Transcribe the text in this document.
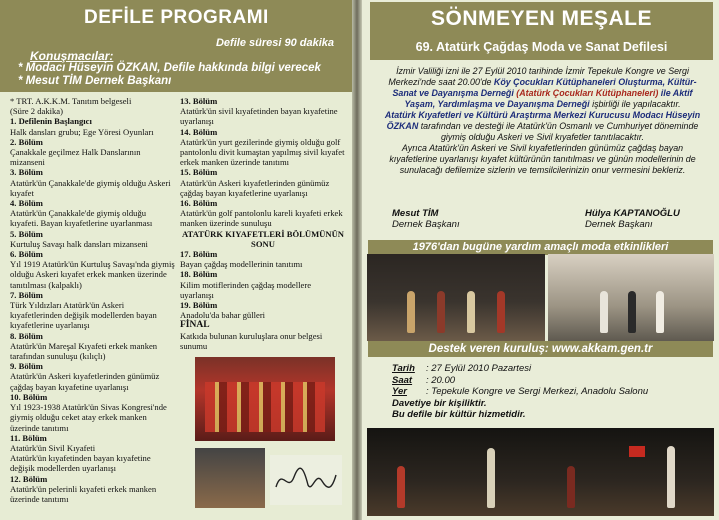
DEFİLE PROGRAMI
Defile süresi 90 dakika
Konuşmacılar:
* Modacı Hüseyin ÖZKAN, Defile hakkında bilgi verecek
* Mesut TİM Dernek Başkanı
* TRT. A.K.K.M. Tanıtım belgeseli
(Süre 2 dakika)
1. Defilenin Başlangıcı
Halk dansları grubu; Ege Yöresi Oyunları
2. Bölüm
Çanakkale geçilmez Halk Danslarının mizanseni
3. Bölüm
Atatürk'ün Çanakkale'de giymiş olduğu Askeri kıyafet
4. Bölüm
Atatürk'ün Çanakkale'de giymiş olduğu kıyafeti. Bayan kıyafetlerine uyarlanması
5. Bölüm
Kurtuluş Savaşı halk dansları mizanseni
6. Bölüm
Yıl 1919 Atatürk'ün Kurtuluş Savaşı'nda giymiş olduğu Askeri kıyafet erkek manken üzerinde tanıtılması (kalpaklı)
7. Bölüm
Türk Yıldızları Atatürk'ün Askeri kıyafetlerinden değişik modellerden bayan kıyafetlerine uyarlanışı
8. Bölüm
Atatürk'ün Mareşal Kıyafeti erkek manken tarafından sunuluşu (kılıçlı)
9. Bölüm
Atatürk'ün Askeri kıyafetlerinden günümüz çağdaş bayan kıyafetine uyarlanışı
10. Bölüm
Yıl 1923-1938 Atatürk'ün Sivas Kongresi'nde giymiş olduğu ceket atay erkek manken üzerinde tanıtımı
11. Bölüm
Atatürk'ün Sivil Kıyafeti
Atatürk'ün kıyafetinden bayan kıyafetine değişik modellerden uyarlanışı
12. Bölüm
Atatürk'ün pelerinli kıyafeti erkek manken üzerinde tanıtımı
13. Bölüm
Atatürk'ün sivil kıyafetinden bayan kıyafetine uyarlanışı
14. Bölüm
Atatürk'ün yurt gezilerinde giymiş olduğu golf pantolonlu divit kumaştan yapılmış sivil kıyafet erkek manken üzerinde tanıtımı
15. Bölüm
Atatürk'ün Askeri kıyafetlerinden günümüz çağdaş bayan kıyafetlerine uyarlanışı
16. Bölüm
Atatürk'ün golf pantolonlu kareli kıyafeti erkek manken üzerinde sunuluşu
ATATÜRK KIYAFETLERİ BÖLÜMÜNÜN SONU
17. Bölüm
Bayan çağdaş modellerinin tanıtımı
18. Bölüm
Kilim motiflerinden çağdaş modellere uyarlanışı
19. Bölüm
Anadolu'da bahar gülleri
FİNAL
Katkıda bulunan kuruluşlara onur belgesi sunumu
SÖNMEYEN MEŞALE
69. Atatürk Çağdaş Moda ve Sanat Defilesi
İzmir Valiliği izni ile 27 Eylül 2010 tarihinde İzmir Tepekule Kongre ve Sergi Merkezi'nde saat 20.00'de Köy Çocukları Kütüphaneleri Oluşturma, Kültür-Sanat ve Dayanışma Derneği (Atatürk Çocukları Kütüphaneleri) ile Aktif Yaşam, Yardımlaşma ve Dayanışma Derneği işbirliği ile yapılacaktır.
Atatürk Kıyafetleri ve Kültürü Araştırma Merkezi Kurucusu Modacı Hüseyin ÖZKAN tarafından ve desteği ile Atatürk'ün Osmanlı ve Cumhuriyet döneminde giymiş olduğu Askeri ve Sivil kıyafetler tanıtılacaktır.
Ayrıca Atatürk'ün Askeri ve Sivil kıyafetlerinden günümüz çağdaş bayan kıyafetlerine uyarlanışı kıyafet kültürünün tanıtılması ve günün modellerinin de sunulacağı defilemize sizlerin ve temsilcilerinizin onur vermesini bekleriz.
Mesut TİM
Dernek Başkanı
Hülya KAPTANOĞLU
Dernek Başkanı
1976'dan bugüne yardım amaçlı moda etkinlikleri
Destek veren kuruluş: www.akkam.gen.tr
Tarih : 27 Eylül 2010 Pazartesi
Saat : 20.00
Yer : Tepekule Kongre ve Sergi Merkezi, Anadolu Salonu
Davetiye bir kişiliktir.
Bu defile bir kültür hizmetidir.
